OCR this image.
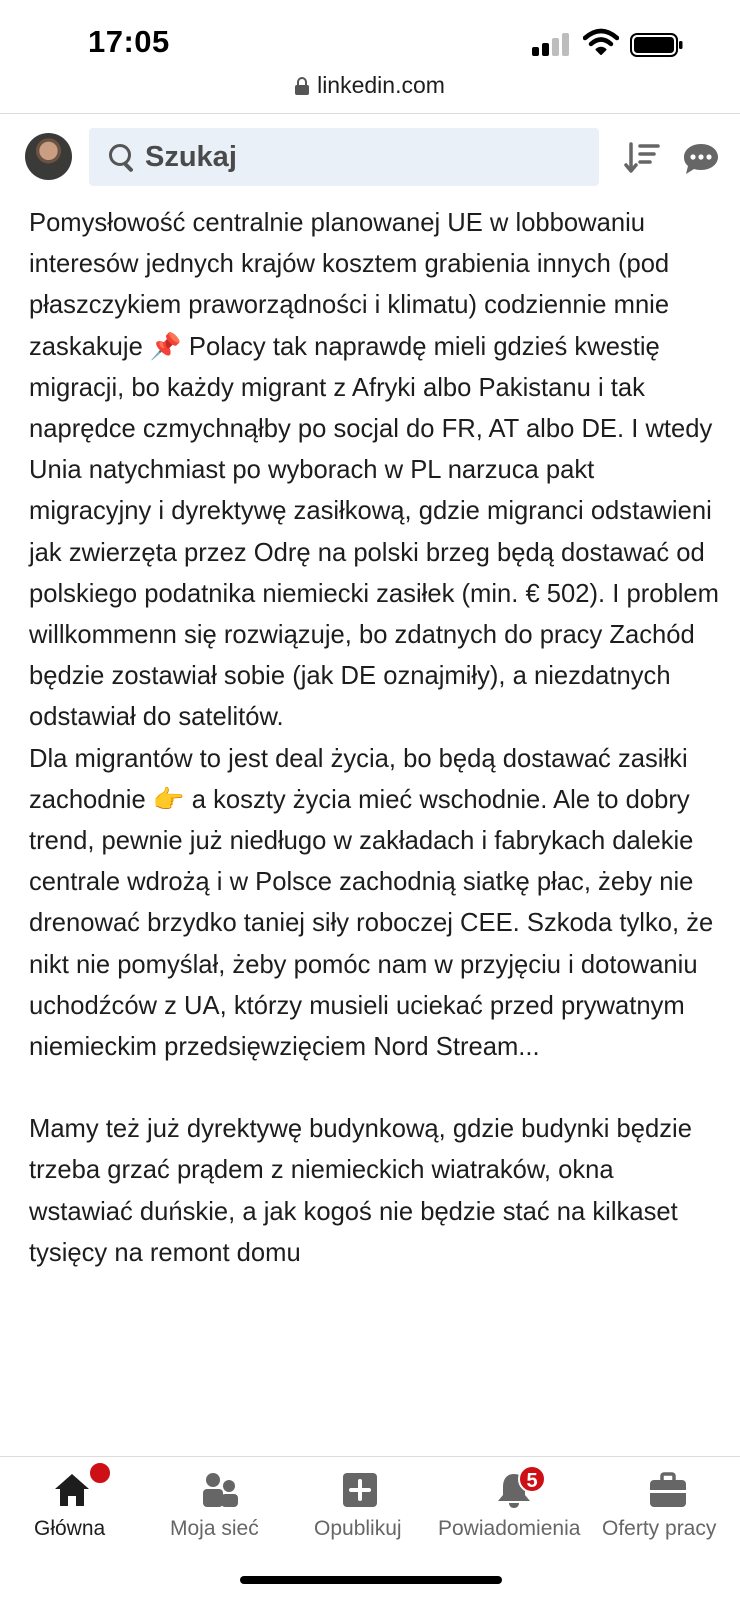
17:05
linkedin.com
Szukaj

Pomysłowość centralnie planowanej UE w lobbowaniu interesów jednych krajów kosztem grabienia innych (pod płaszczykiem praworządności i klimatu) codziennie mnie zaskakuje 📌 Polacy tak naprawdę mieli gdzieś kwestię migracji, bo każdy migrant z Afryki albo Pakistanu i tak naprędce czmychnąłby po socjal do FR, AT albo DE. I wtedy Unia natychmiast po wyborach w PL narzuca pakt migracyjny i dyrektywę zasiłkową, gdzie migranci odstawieni jak zwierzęta przez Odrę na polski brzeg będą dostawać od polskiego podatnika niemiecki zasiłek (min. € 502). I problem willkommenn się rozwiązuje, bo zdatnych do pracy Zachód będzie zostawiał sobie (jak DE oznajmiły), a niezdatnych odstawiał do satelitów.

Dla migrantów to jest deal życia, bo będą dostawać zasiłki zachodnie 👉 a koszty życia mieć wschodnie. Ale to dobry trend, pewnie już niedługo w zakładach i fabrykach dalekie centrale wdrożą i w Polsce zachodnią siatkę płac, żeby nie drenować brzydko taniej siły roboczej CEE. Szkoda tylko, że nikt nie pomyślał, żeby pomóc nam w przyjęciu i dotowaniu uchodźców z UA, którzy musieli uciekać przed prywatnym niemieckim przedsięwzięciem Nord Stream...

Mamy też już dyrektywę budynkową, gdzie budynki będzie trzeba grzać prądem z niemieckich wiatraków, okna wstawiać duńskie, a jak kogoś nie będzie stać na kilkaset tysięcy na remont domu

Główna	Moja sieć	Opublikuj
5
Powiadomienia Oferty pracy
